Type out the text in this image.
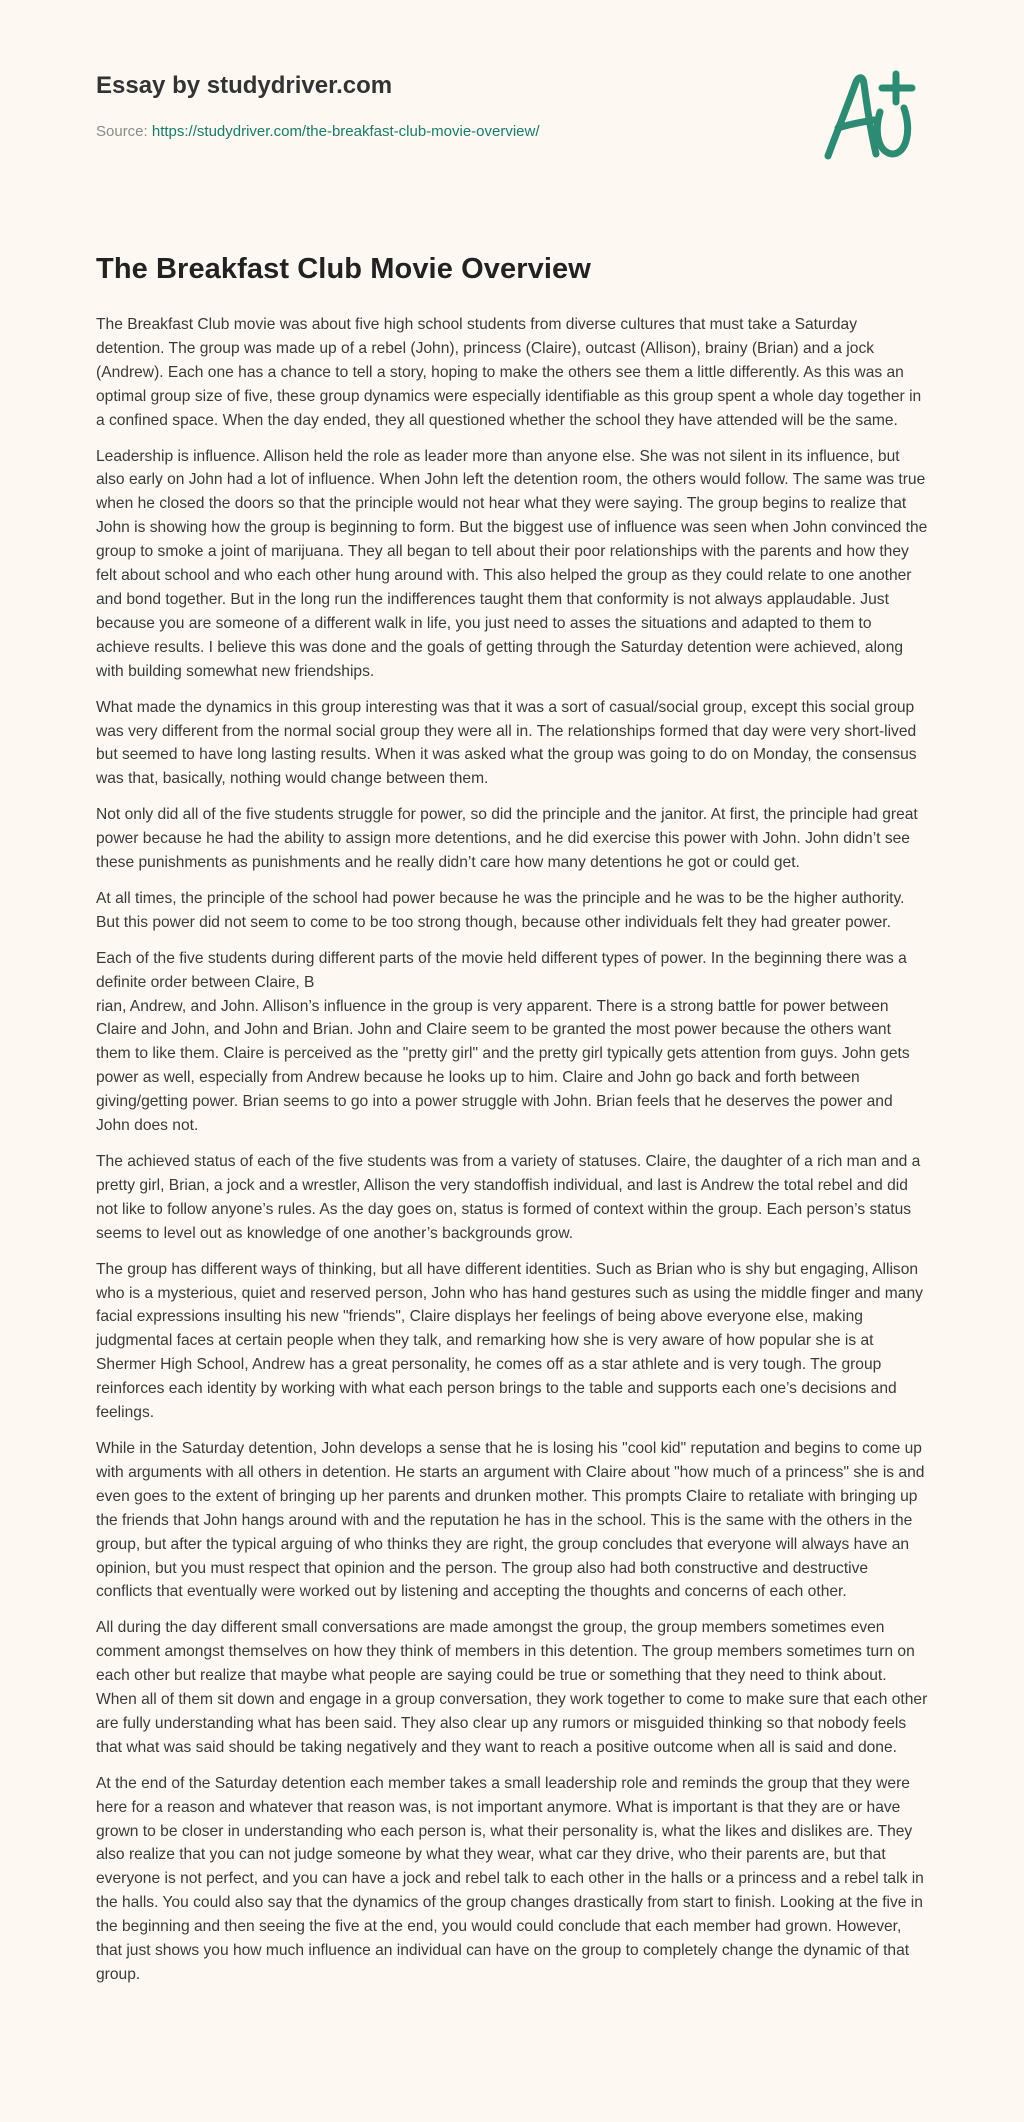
Essay by studydriver.com
Source: https://studydriver.com/the-breakfast-club-movie-overview/
The Breakfast Club Movie Overview

The Breakfast Club movie was about five high school students from diverse cultures that must take a Saturday detention. The group was made up of a rebel (John), princess (Claire), outcast (Allison), brainy (Brian) and a jock (Andrew). Each one has a chance to tell a story, hoping to make the others see them a little differently. As this was an optimal group size of five, these group dynamics were especially identifiable as this group spent a whole day together in a confined space. When the day ended, they all questioned whether the school they have attended will be the same.

Leadership is influence. Allison held the role as leader more than anyone else. She was not silent in its influence, but also early on John had a lot of influence. When John left the detention room, the others would follow. The same was true when he closed the doors so that the principle would not hear what they were saying. The group begins to realize that John is showing how the group is beginning to form. But the biggest use of influence was seen when John convinced the group to smoke a joint of marijuana. They all began to tell about their poor relationships with the parents and how they felt about school and who each other hung around with. This also helped the group as they could relate to one another and bond together. But in the long run the indifferences taught them that conformity is not always applaudable. Just because you are someone of a different walk in life, you just need to asses the situations and adapted to them to achieve results. I believe this was done and the goals of getting through the Saturday detention were achieved, along with building somewhat new friendships.

What made the dynamics in this group interesting was that it was a sort of casual/social group, except this social group was very different from the normal social group they were all in. The relationships formed that day were very short-lived but seemed to have long lasting results. When it was asked what the group was going to do on Monday, the consensus was that, basically, nothing would change between them.

Not only did all of the five students struggle for power, so did the principle and the janitor. At first, the principle had great power because he had the ability to assign more detentions, and he did exercise this power with John. John didn’t see these punishments as punishments and he really didn’t care how many detentions he got or could get.

At all times, the principle of the school had power because he was the principle and he was to be the higher authority. But this power did not seem to come to be too strong though, because other individuals felt they had greater power.

Each of the five students during different parts of the movie held different types of power. In the beginning there was a definite order between Claire, B
rian, Andrew, and John. Allison’s influence in the group is very apparent. There is a strong battle for power between Claire and John, and John and Brian. John and Claire seem to be granted the most power because the others want them to like them. Claire is perceived as the "pretty girl" and the pretty girl typically gets attention from guys. John gets power as well, especially from Andrew because he looks up to him. Claire and John go back and forth between giving/getting power. Brian seems to go into a power struggle with John. Brian feels that he deserves the power and John does not.

The achieved status of each of the five students was from a variety of statuses. Claire, the daughter of a rich man and a pretty girl, Brian, a jock and a wrestler, Allison the very standoffish individual, and last is Andrew the total rebel and did not like to follow anyone’s rules. As the day goes on, status is formed of context within the group. Each person’s status seems to level out as knowledge of one another’s backgrounds grow.

The group has different ways of thinking, but all have different identities. Such as Brian who is shy but engaging, Allison who is a mysterious, quiet and reserved person, John who has hand gestures such as using the middle finger and many facial expressions insulting his new "friends", Claire displays her feelings of being above everyone else, making judgmental faces at certain people when they talk, and remarking how she is very aware of how popular she is at Shermer High School, Andrew has a great personality, he comes off as a star athlete and is very tough. The group reinforces each identity by working with what each person brings to the table and supports each one’s decisions and feelings.

While in the Saturday detention, John develops a sense that he is losing his "cool kid" reputation and begins to come up with arguments with all others in detention. He starts an argument with Claire about "how much of a princess" she is and even goes to the extent of bringing up her parents and drunken mother. This prompts Claire to retaliate with bringing up the friends that John hangs around with and the reputation he has in the school. This is the same with the others in the group, but after the typical arguing of who thinks they are right, the group concludes that everyone will always have an opinion, but you must respect that opinion and the person. The group also had both constructive and destructive conflicts that eventually were worked out by listening and accepting the thoughts and concerns of each other.

All during the day different small conversations are made amongst the group, the group members sometimes even comment amongst themselves on how they think of members in this detention. The group members sometimes turn on each other but realize that maybe what people are saying could be true or something that they need to think about. When all of them sit down and engage in a group conversation, they work together to come to make sure that each other are fully understanding what has been said. They also clear up any rumors or misguided thinking so that nobody feels that what was said should be taking negatively and they want to reach a positive outcome when all is said and done.

At the end of the Saturday detention each member takes a small leadership role and reminds the group that they were here for a reason and whatever that reason was, is not important anymore. What is important is that they are or have grown to be closer in understanding who each person is, what their personality is, what the likes and dislikes are. They also realize that you can not judge someone by what they wear, what car they drive, who their parents are, but that everyone is not perfect, and you can have a jock and rebel talk to each other in the halls or a princess and a rebel talk in the halls. You could also say that the dynamics of the group changes drastically from start to finish. Looking at the five in the beginning and then seeing the five at the end, you would could conclude that each member had grown. However, that just shows you how much influence an individual can have on the group to completely change the dynamic of that group.
